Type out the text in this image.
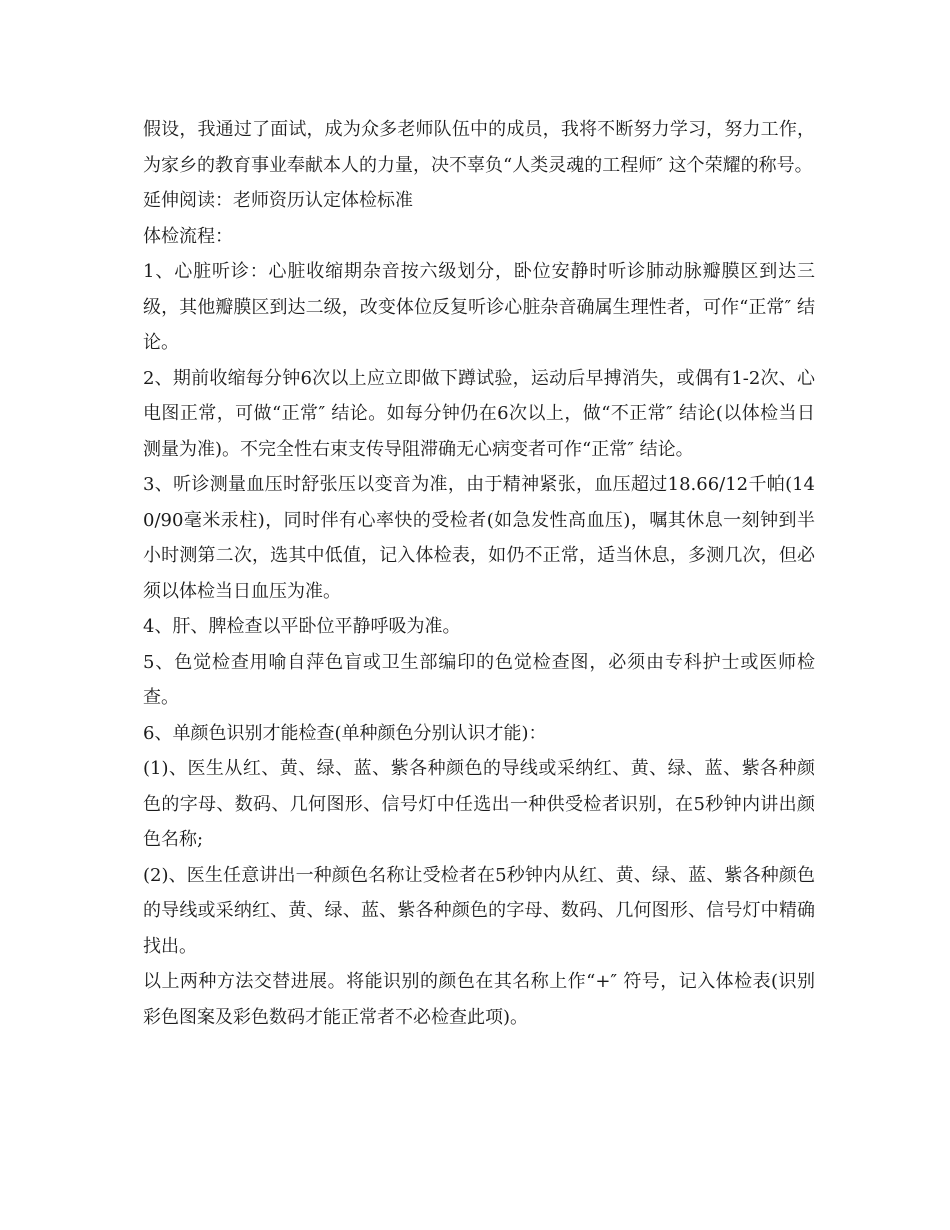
假设，我通过了面试，成为众多老师队伍中的成员，我将不断努力学习，努力工作，为家乡的教育事业奉献本人的力量，决不辜负“人类灵魂的工程师″ 这个荣耀的称号。

延伸阅读：老师资历认定体检标准

体检流程：

1、心脏听诊：心脏收缩期杂音按六级划分，卧位安静时听诊肺动脉瓣膜区到达三级，其他瓣膜区到达二级，改变体位反复听诊心脏杂音确属生理性者，可作“正常″ 结论。

2、期前收缩每分钟6次以上应立即做下蹲试验，运动后早搏消失，或偶有1-2次、心电图正常，可做“正常″ 结论。如每分钟仍在6次以上，做“不正常″ 结论(以体检当日测量为准)。不完全性右束支传导阻滞确无心病变者可作“正常″ 结论。

3、听诊测量血压时舒张压以变音为准，由于精神紧张，血压超过18.66/12千帕(140/90毫米汞柱)，同时伴有心率快的受检者(如急发性高血压)，嘱其休息一刻钟到半小时测第二次，选其中低值，记入体检表，如仍不正常，适当休息，多测几次，但必须以体检当日血压为准。

4、肝、脾检查以平卧位平静呼吸为准。

5、色觉检查用喻自萍色盲或卫生部编印的色觉检查图，必须由专科护士或医师检查。

6、单颜色识别才能检查(单种颜色分别认识才能)：

(1)、医生从红、黄、绿、蓝、紫各种颜色的导线或采纳红、黄、绿、蓝、紫各种颜色的字母、数码、几何图形、信号灯中任选出一种供受检者识别，在5秒钟内讲出颜色名称;

(2)、医生任意讲出一种颜色名称让受检者在5秒钟内从红、黄、绿、蓝、紫各种颜色的导线或采纳红、黄、绿、蓝、紫各种颜色的字母、数码、几何图形、信号灯中精确找出。

以上两种方法交替进展。将能识别的颜色在其名称上作“+″ 符号，记入体检表(识别彩色图案及彩色数码才能正常者不必检查此项)。
